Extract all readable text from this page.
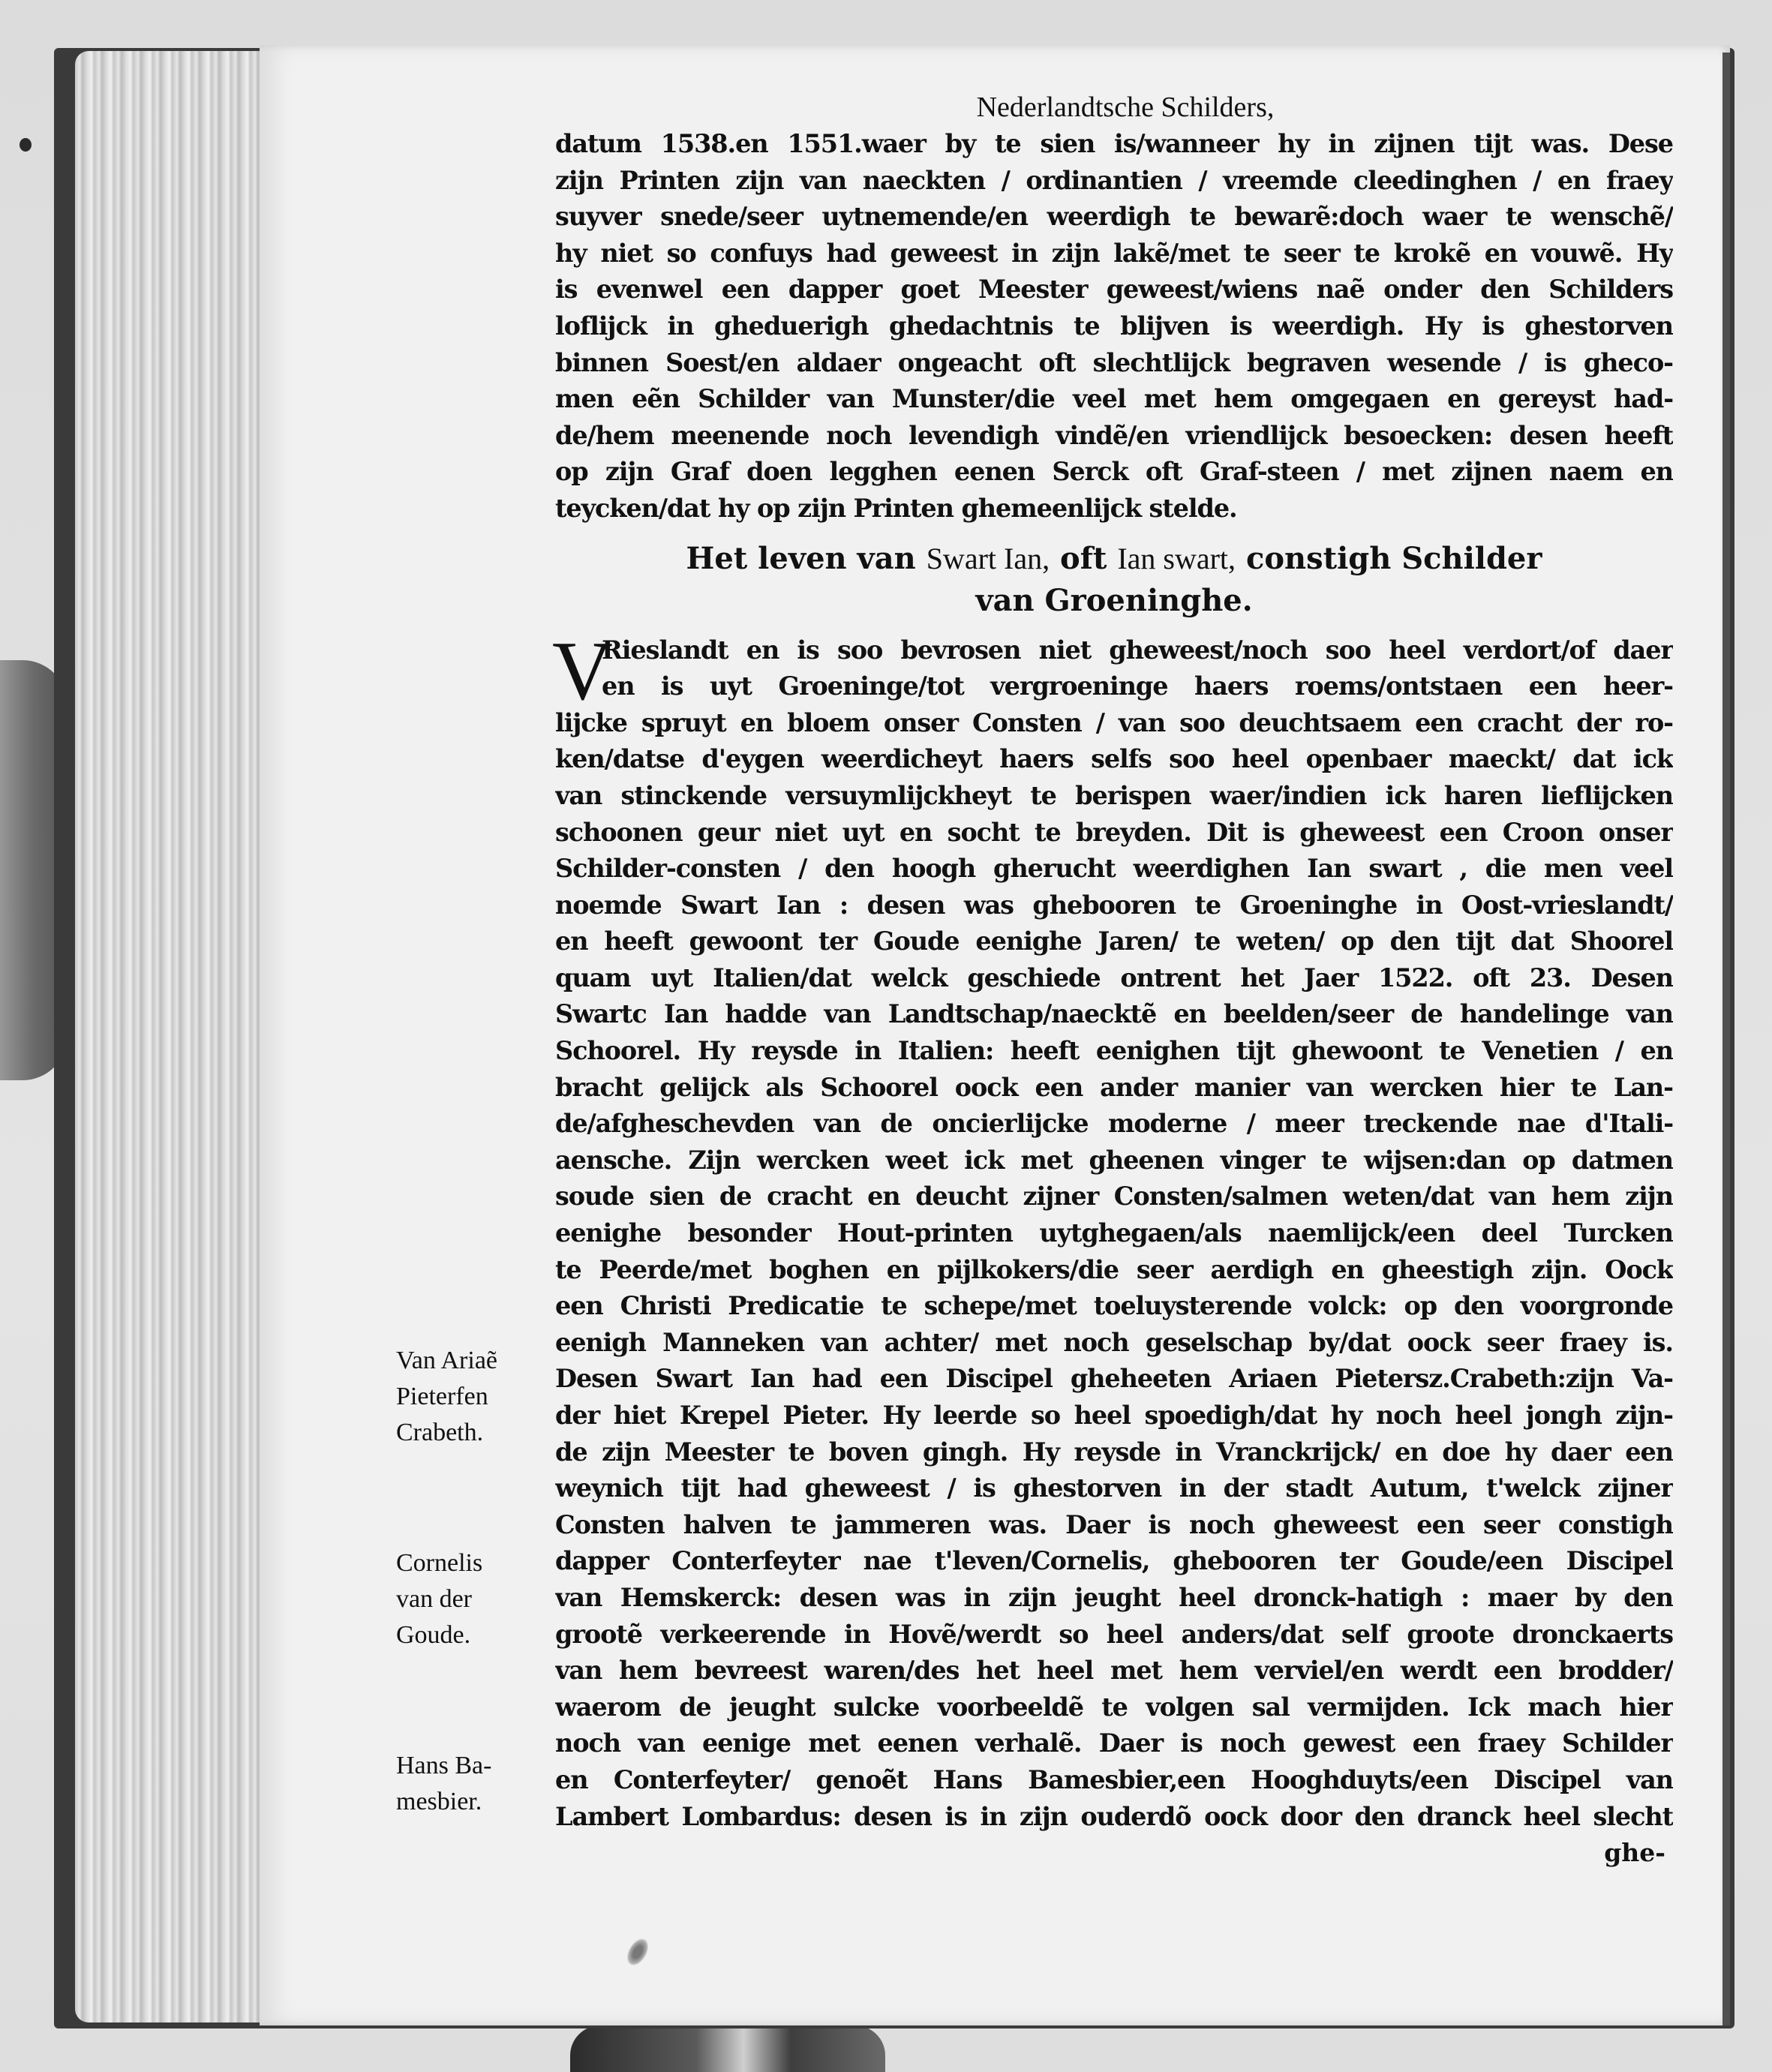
Van Ariaẽ
Pieterfen
Crabeth.
Cornelis
van der
Goude.
Hans Ba-
mesbier.
Nederlandtsche Schilders,
datum 1538.en 1551.waer by te sien is/wanneer hy in zijnen tijt was. Dese
zijn Printen zijn van naeckten / ordinantien / vreemde cleedinghen / en fraey
suyver snede/seer uytnemende/en weerdigh te bewarẽ:doch waer te wenschẽ/
hy niet so confuys had geweest in zijn lakẽ/met te seer te krokẽ en vouwẽ. Hy
is evenwel een dapper goet Meester geweest/wiens naẽ onder den Schilders
loflijck in gheduerigh ghedachtnis te blijven is weerdigh. Hy is ghestorven
binnen Soest/en aldaer ongeacht oft slechtlijck begraven wesende / is gheco-
men eẽn Schilder van Munster/die veel met hem omgegaen en gereyst had-
de/hem meenende noch levendigh vindẽ/en vriendlijck besoecken: desen heeft
op zijn Graf doen legghen eenen Serck oft Graf-steen / met zijnen naem en
teycken/dat hy op zijn Printen ghemeenlijck stelde.
Het leven van Swart Ian, oft Ian swart, constigh Schilder
van Groeninghe.
V
Rieslandt en is soo bevrosen niet gheweest/noch soo heel verdort/of daer
en is uyt Groeninge/tot vergroeninge haers roems/ontstaen een heer-
lijcke spruyt en bloem onser Consten / van soo deuchtsaem een cracht der ro-
ken/datse d'eygen weerdicheyt haers selfs soo heel openbaer maeckt/ dat ick
van stinckende versuymlijckheyt te berispen waer/indien ick haren lieflijcken
schoonen geur niet uyt en socht te breyden. Dit is gheweest een Croon onser
Schilder-consten / den hoogh gherucht weerdighen Ian swart , die men veel
noemde Swart Ian : desen was ghebooren te Groeninghe in Oost-vrieslandt/
en heeft gewoont ter Goude eenighe Jaren/ te weten/ op den tijt dat Shoorel
quam uyt Italien/dat welck geschiede ontrent het Jaer 1522. oft 23. Desen
Swartc Ian hadde van Landtschap/naecktẽ en beelden/seer de handelinge van
Schoorel. Hy reysde in Italien: heeft eenighen tijt ghewoont te Venetien / en
bracht gelijck als Schoorel oock een ander manier van wercken hier te Lan-
de/afgheschevden van de oncierlijcke moderne / meer treckende nae d'Itali-
aensche. Zijn wercken weet ick met gheenen vinger te wijsen:dan op datmen
soude sien de cracht en deucht zijner Consten/salmen weten/dat van hem zijn
eenighe besonder Hout-printen uytghegaen/als naemlijck/een deel Turcken
te Peerde/met boghen en pijlkokers/die seer aerdigh en gheestigh zijn. Oock
een Christi Predicatie te schepe/met toeluysterende volck: op den voorgronde
eenigh Manneken van achter/ met noch geselschap by/dat oock seer fraey is.
Desen Swart Ian had een Discipel gheheeten Ariaen Pietersz.Crabeth:zijn Va-
der hiet Krepel Pieter. Hy leerde so heel spoedigh/dat hy noch heel jongh zijn-
de zijn Meester te boven gingh. Hy reysde in Vranckrijck/ en doe hy daer een
weynich tijt had gheweest / is ghestorven in der stadt Autum, t'welck zijner
Consten halven te jammeren was. Daer is noch gheweest een seer constigh
dapper Conterfeyter nae t'leven/Cornelis, ghebooren ter Goude/een Discipel
van Hemskerck: desen was in zijn jeught heel dronck-hatigh : maer by den
grootẽ verkeerende in Hovẽ/werdt so heel anders/dat self groote dronckaerts
van hem bevreest waren/des het heel met hem verviel/en werdt een brodder/
waerom de jeught sulcke voorbeeldẽ te volgen sal vermijden. Ick mach hier
noch van eenige met eenen verhalẽ. Daer is noch gewest een fraey Schilder
en Conterfeyter/ genoẽt Hans Bamesbier,een Hooghduyts/een Discipel van
Lambert Lombardus: desen is in zijn ouderdõ oock door den dranck heel slecht
ghe-
